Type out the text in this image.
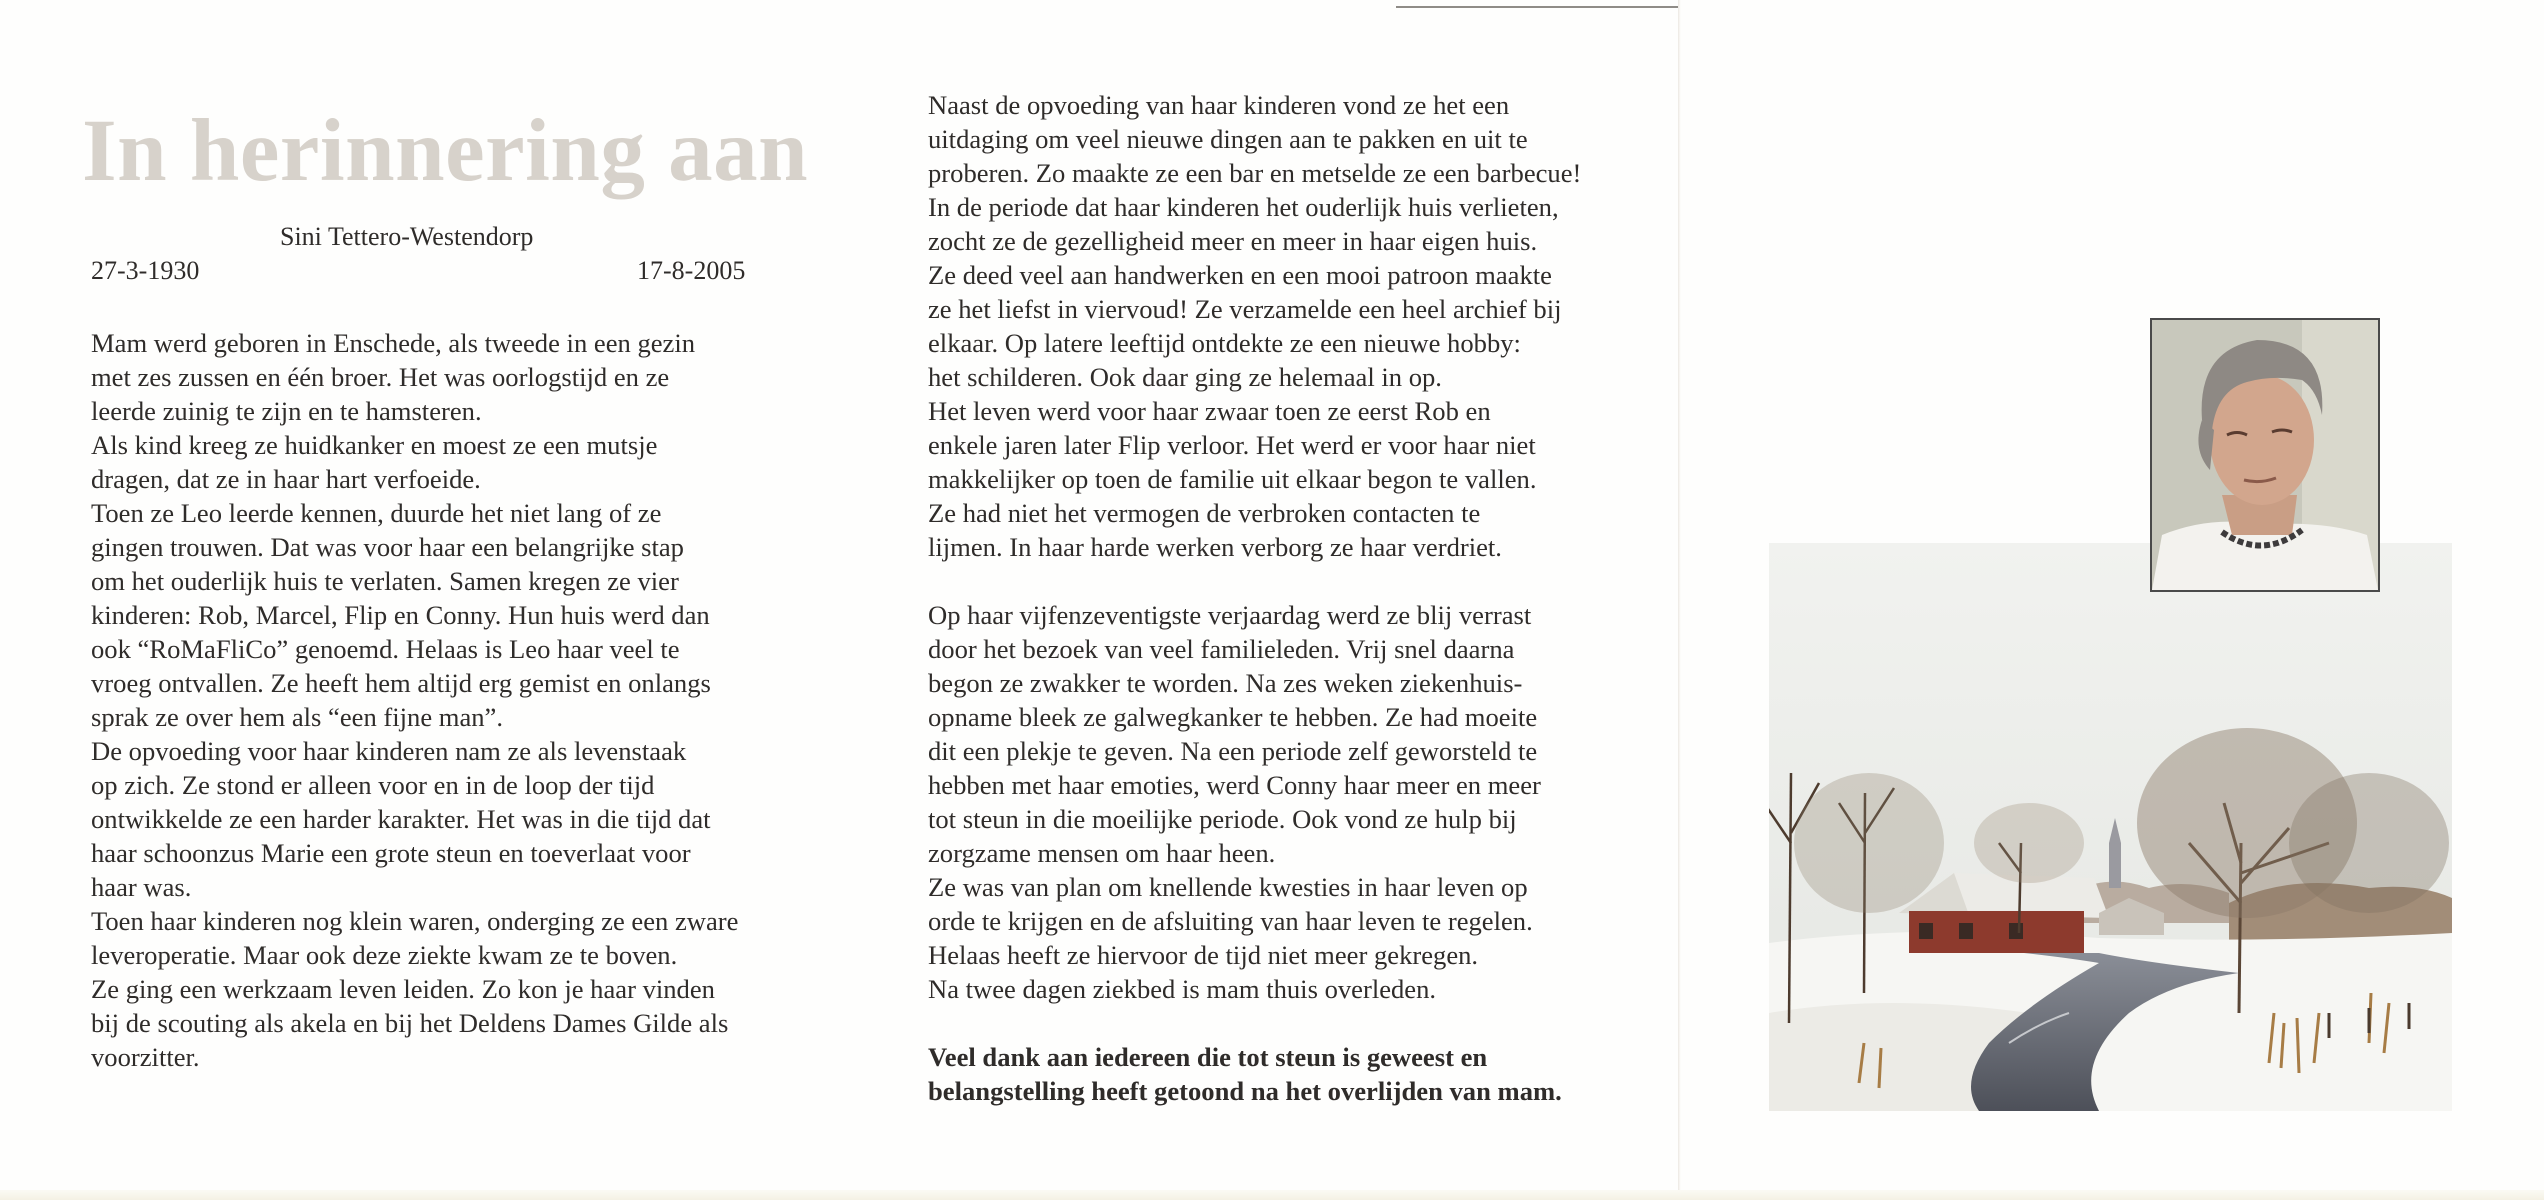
In herinnering aan
Sini Tettero-Westendorp
27-3-1930	17-8-2005

Mam werd geboren in Enschede, als tweede in een gezin

met zes zussen en één broer. Het was oorlogstijd en ze

leerde zuinig te zijn en te hamsteren.

Als kind kreeg ze huidkanker en moest ze een mutsje

dragen, dat ze in haar hart verfoeide.

Toen ze Leo leerde kennen, duurde het niet lang of ze

gingen trouwen. Dat was voor haar een belangrijke stap

om het ouderlijk huis te verlaten. Samen kregen ze vier

kinderen: Rob, Marcel, Flip en Conny. Hun huis werd dan

ook “RoMaFliCo” genoemd. Helaas is Leo haar veel te

vroeg ontvallen. Ze heeft hem altijd erg gemist en onlangs

sprak ze over hem als “een fijne man”.

De opvoeding voor haar kinderen nam ze als levenstaak

op zich. Ze stond er alleen voor en in de loop der tijd

ontwikkelde ze een harder karakter. Het was in die tijd dat

haar schoonzus Marie een grote steun en toeverlaat voor

haar was.

Toen haar kinderen nog klein waren, onderging ze een zware

leveroperatie. Maar ook deze ziekte kwam ze te boven.

Ze ging een werkzaam leven leiden. Zo kon je haar vinden

bij de scouting als akela en bij het Deldens Dames Gilde als

voorzitter.

Naast de opvoeding van haar kinderen vond ze het een

uitdaging om veel nieuwe dingen aan te pakken en uit te

proberen. Zo maakte ze een bar en metselde ze een barbecue!

In de periode dat haar kinderen het ouderlijk huis verlieten,

zocht ze de gezelligheid meer en meer in haar eigen huis.

Ze deed veel aan handwerken en een mooi patroon maakte

ze het liefst in viervoud! Ze verzamelde een heel archief bij

elkaar. Op latere leeftijd ontdekte ze een nieuwe hobby:

het schilderen. Ook daar ging ze helemaal in op.

Het leven werd voor haar zwaar toen ze eerst Rob en

enkele jaren later Flip verloor. Het werd er voor haar niet

makkelijker op toen de familie uit elkaar begon te vallen.

Ze had niet het vermogen de verbroken contacten te

lijmen. In haar harde werken verborg ze haar verdriet.

Op haar vijfenzeventigste verjaardag werd ze blij verrast

door het bezoek van veel familieleden. Vrij snel daarna

begon ze zwakker te worden. Na zes weken ziekenhuis-

opname bleek ze galwegkanker te hebben. Ze had moeite

dit een plekje te geven. Na een periode zelf geworsteld te

hebben met haar emoties, werd Conny haar meer en meer

tot steun in die moeilijke periode. Ook vond ze hulp bij

zorgzame mensen om haar heen.

Ze was van plan om knellende kwesties in haar leven op

orde te krijgen en de afsluiting van haar leven te regelen.

Helaas heeft ze hiervoor de tijd niet meer gekregen.

Na twee dagen ziekbed is mam thuis overleden.

Veel dank aan iedereen die tot steun is geweest en

belangstelling heeft getoond na het overlijden van mam.
